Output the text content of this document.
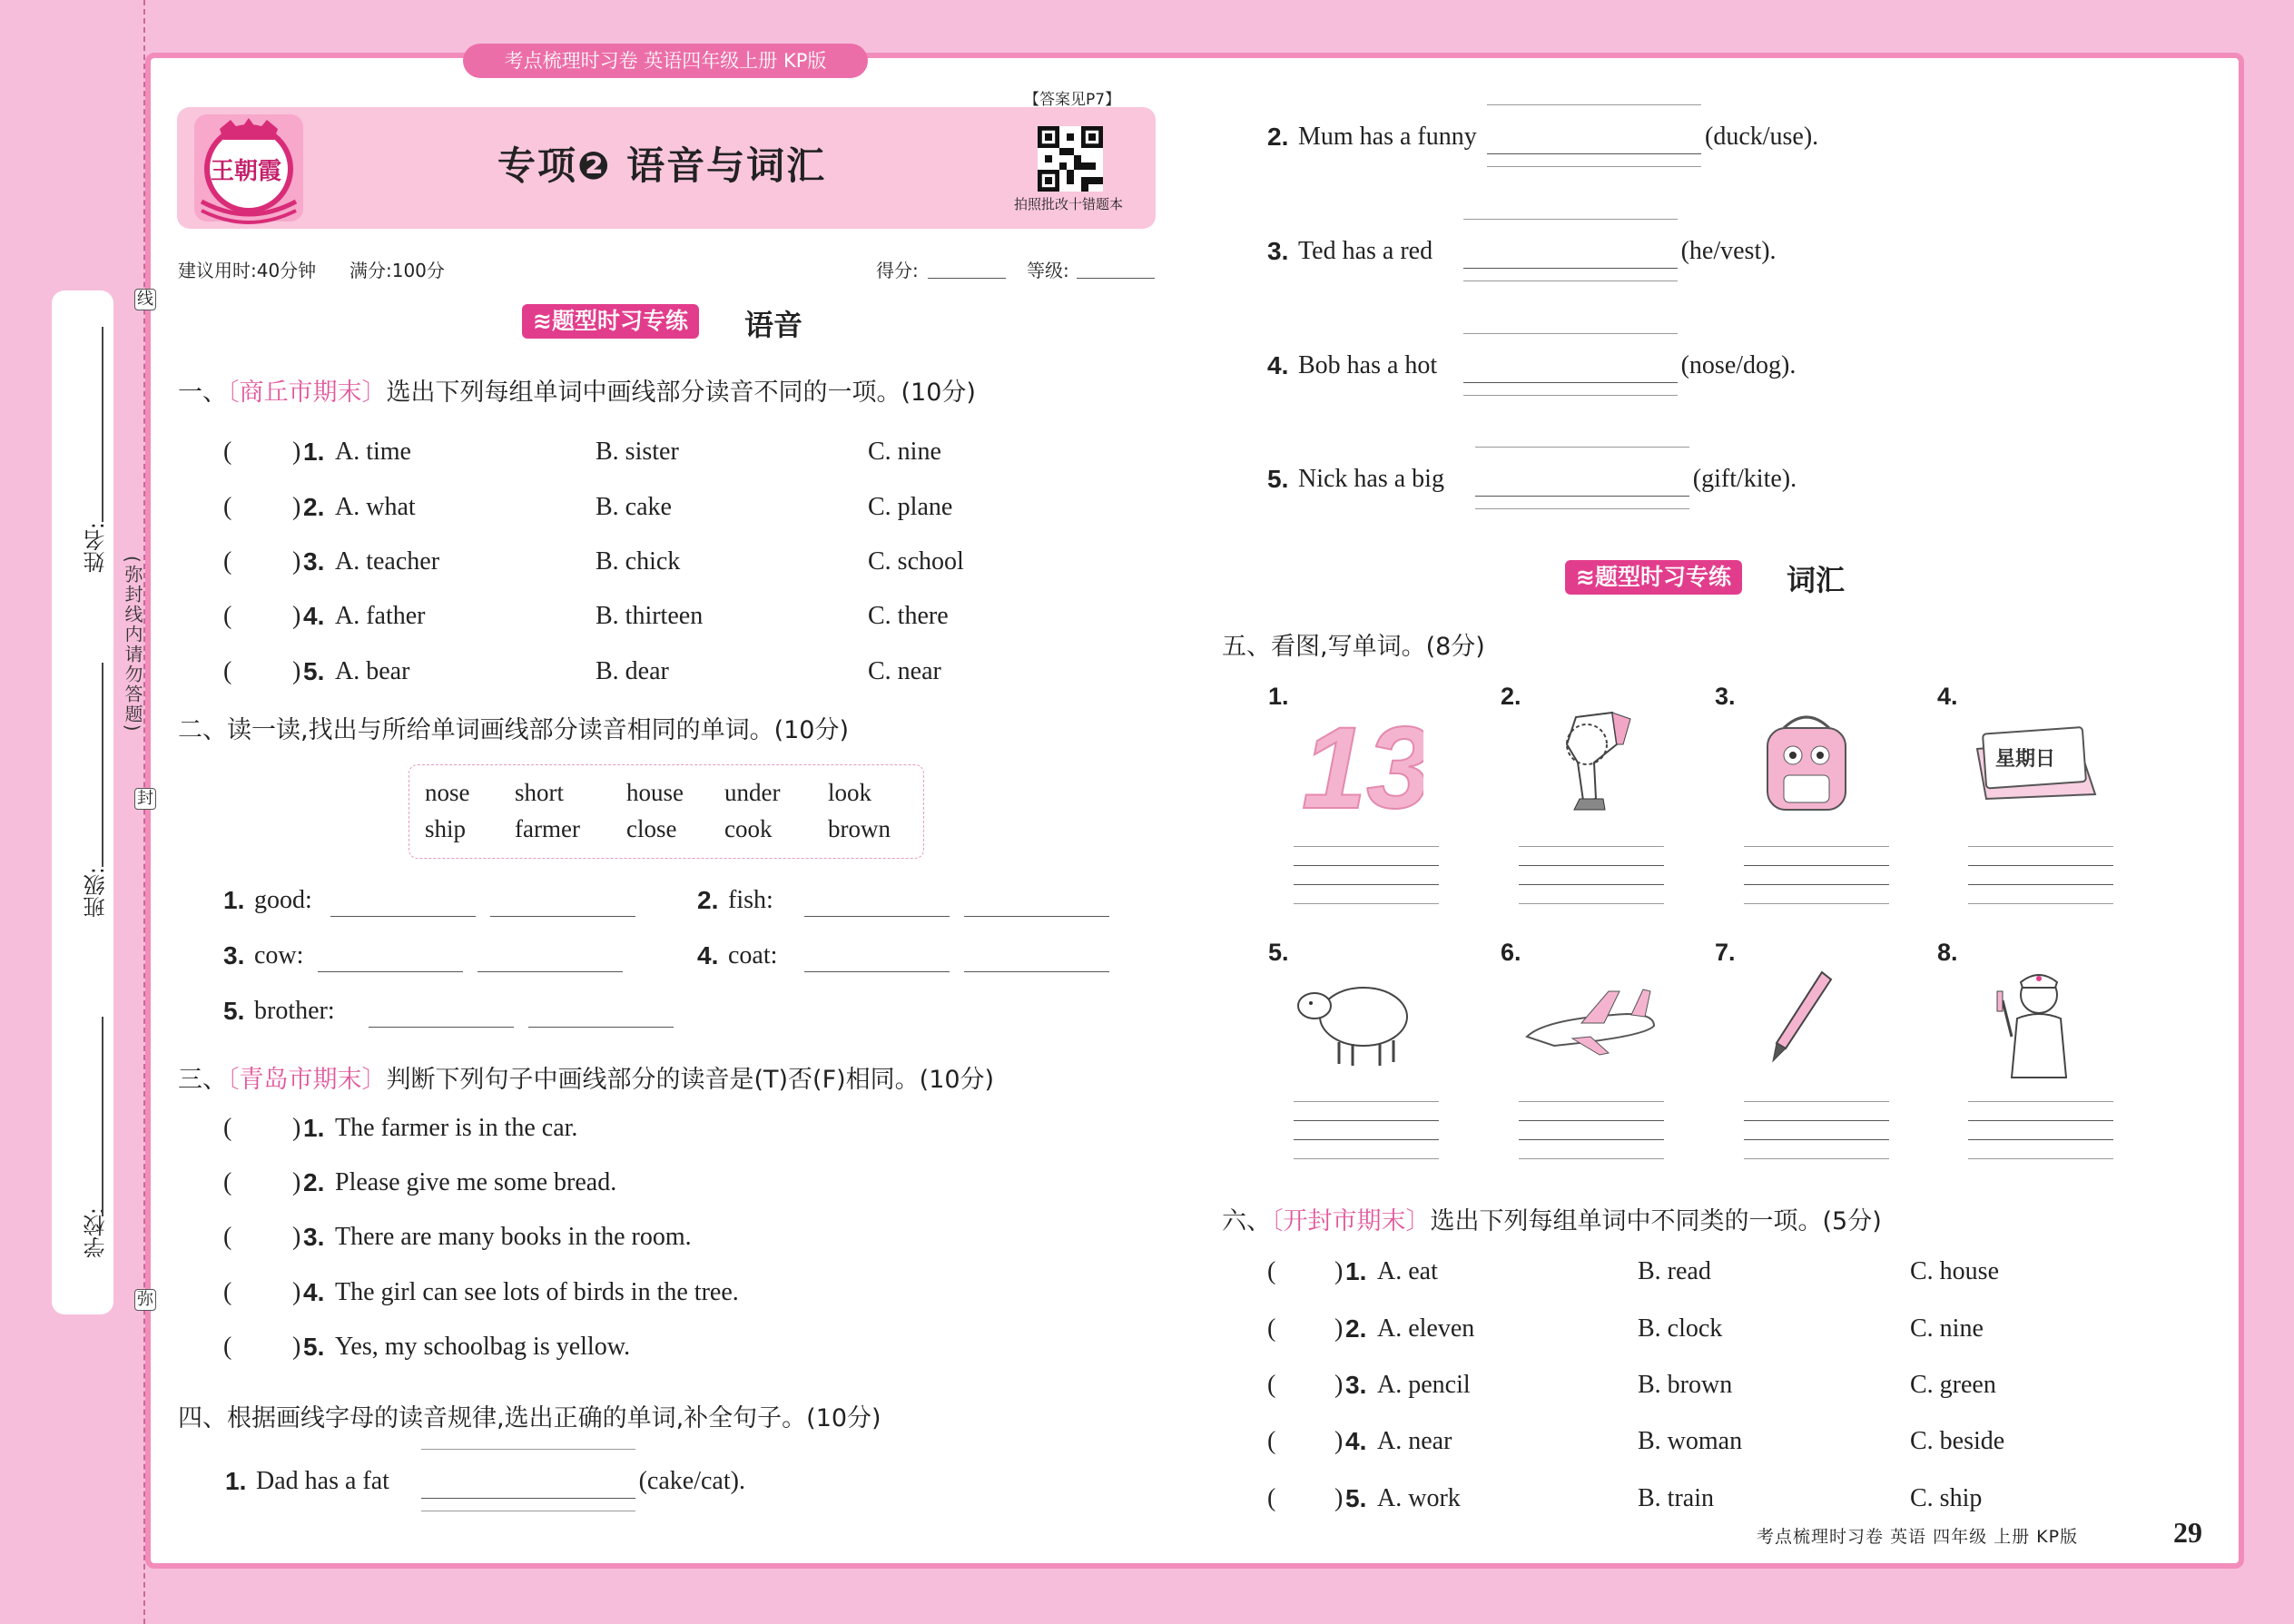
姓名:
班级:
学校:
(弥封线内请勿答题)
线
封
弥
考点梳理时习卷 英语四年级上册 KP版
王朝霞	专项❷ 语音与词汇
【答案见P7】
拍照批改十错题本
建议用时:40分钟 满分:100分	得分:	等级:
≋题型时习专练	语音
一、〔商丘市期末〕选出下列每组单词中画线部分读音不同的一项。(10分)
( ) 1. A. time	B. sister	C. nine
( ) 2. A. what	B. cake	C. plane
( ) 3. A. teacher	B. chick	C. school
( ) 4. A. father	B. thirteen	C. there
( ) 5. A. bear	B. dear	C. near
二、读一读,找出与所给单词画线部分读音相同的单词。(10分)
nose short	house under look
ship farmer close cook brown
1. good:	2. fish:
3. cow:	4. coat:
5. brother:
三、〔青岛市期末〕判断下列句子中画线部分的读音是(T)否(F)相同。(10分)
( ) 1. The farmer is in the car.
( ) 2. Please give me some bread.
( ) 3. There are many books in the room.
( ) 4. The girl can see lots of birds in the tree.
( ) 5. Yes, my schoolbag is yellow.
四、根据画线字母的读音规律,选出正确的单词,补全句子。(10分)
1. Dad has a fat	(cake/cat).
2. Mum has a funny	(duck/use).
3. Ted has a red	(he/vest).
4. Bob has a hot	(nose/dog).
5. Nick has a big	(gift/kite).
≋题型时习专练	词汇
五、看图,写单词。(8分)
1.	2.	3.	4.
5.	6.	7.	8.
13	星期日
六、〔开封市期末〕选出下列每组单词中不同类的一项。(5分)
( ) 1. A. eat	B. read	C. house
( ) 2. A. eleven	B. clock	C. nine
( ) 3. A. pencil	B. brown	C. green
( ) 4. A. near	B. woman	C. beside
( ) 5. A. work	B. train	C. ship
考点梳理时习卷 英语 四年级 上册 KP版	29
